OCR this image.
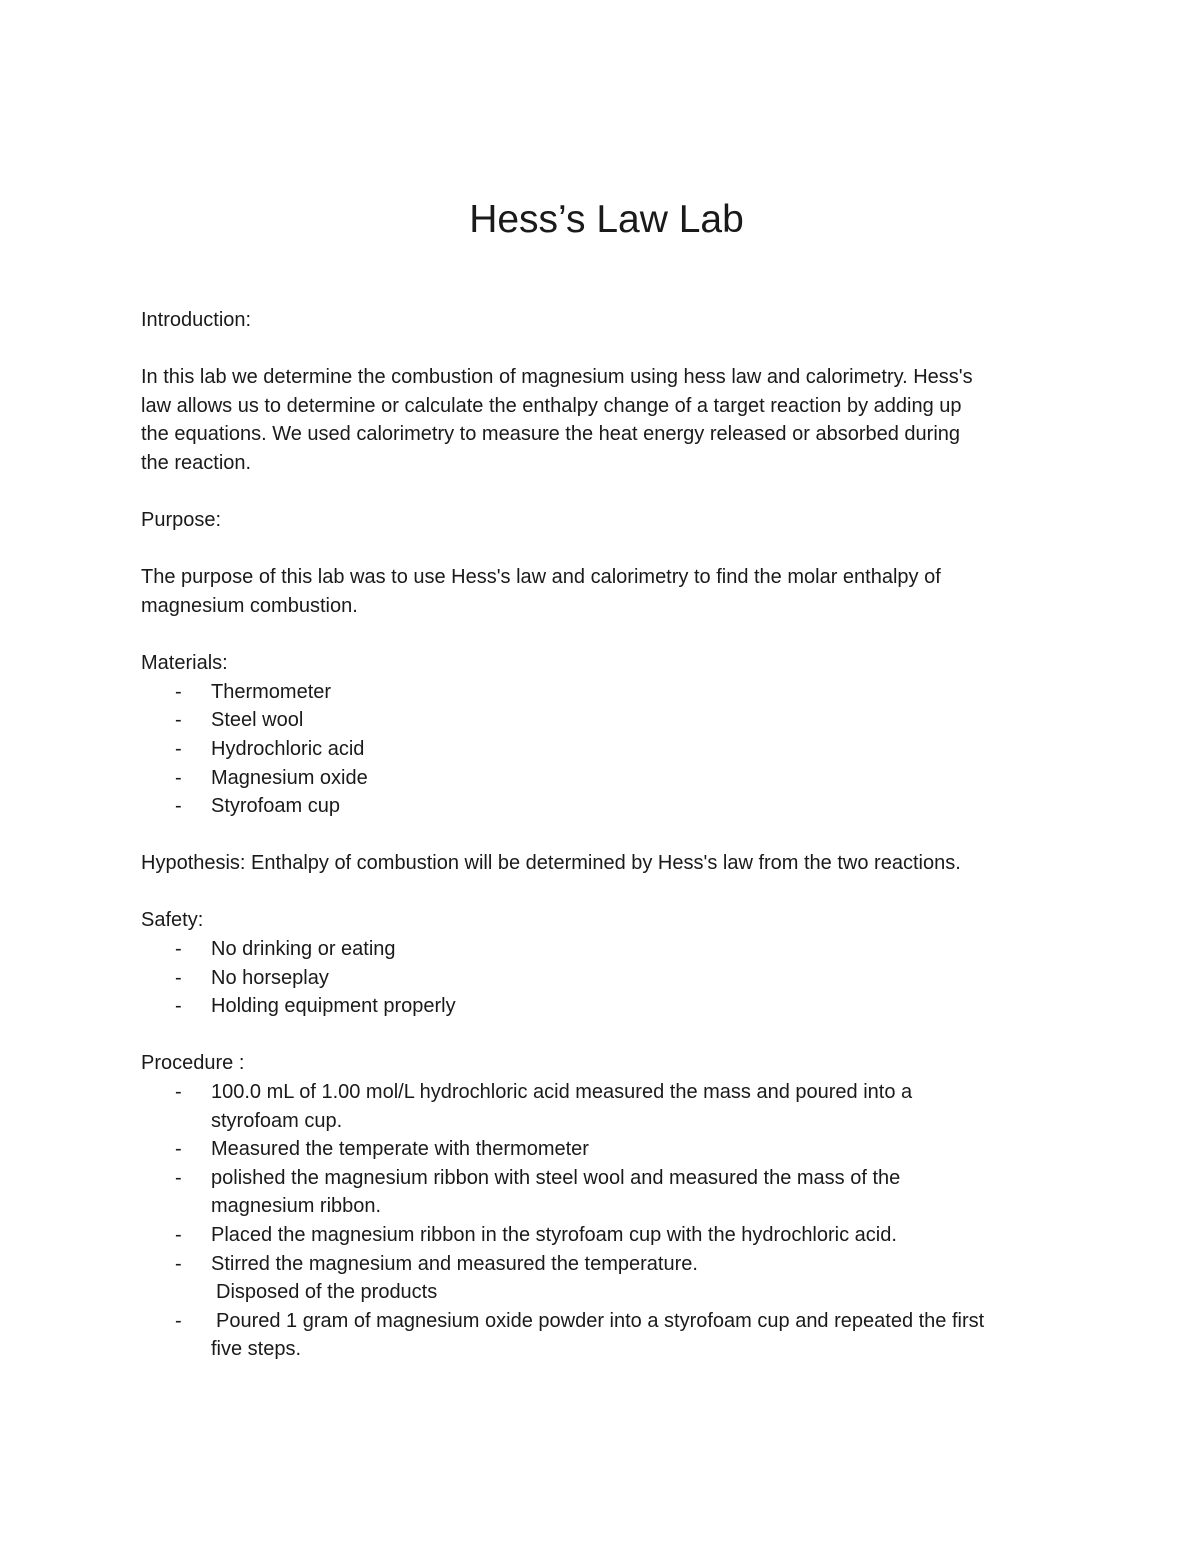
Hess’s Law Lab

Introduction:

In this lab we determine the combustion of magnesium using hess law and calorimetry. Hess's

law allows us to determine or calculate the enthalpy change of a target reaction by adding up

the equations. We used calorimetry to measure the heat energy released or absorbed during

the reaction.

Purpose:

The purpose of this lab was to use Hess's law and calorimetry to find the molar enthalpy of

magnesium combustion.

Materials:

- Thermometer
- Steel wool
- Hydrochloric acid
- Magnesium oxide
- Styrofoam cup

Hypothesis: Enthalpy of combustion will be determined by Hess's law from the two reactions.

Safety:

- No drinking or eating
- No horseplay
- Holding equipment properly

Procedure :

- 100.0 mL of 1.00 mol/L hydrochloric acid measured the mass and poured into a
styrofoam cup.
- Measured the temperate with thermometer
- polished the magnesium ribbon with steel wool and measured the mass of the
magnesium ribbon.
- Placed the magnesium ribbon in the styrofoam cup with the hydrochloric acid.
- Stirred the magnesium and measured the temperature.

Disposed of the products

- Poured 1 gram of magnesium oxide powder into a styrofoam cup and repeated the first
five steps.
